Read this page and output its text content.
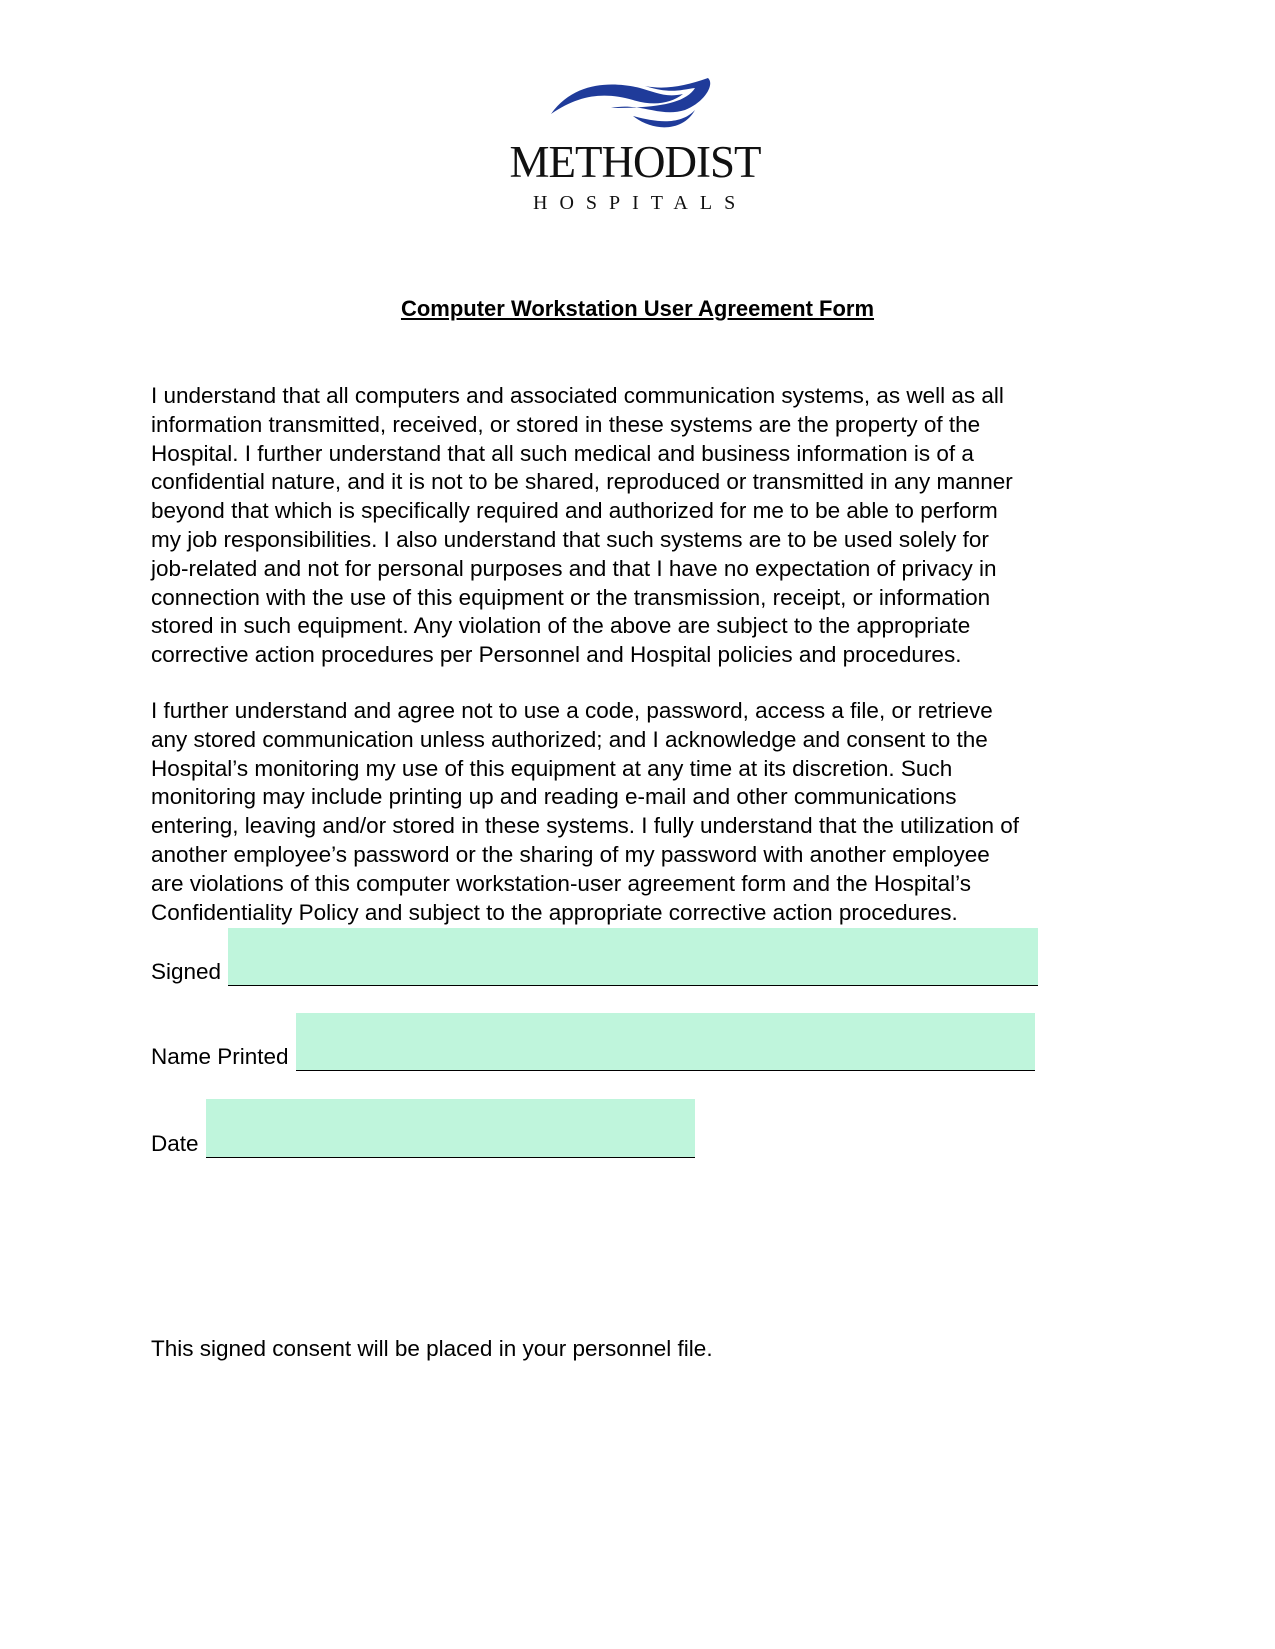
METHODIST
HOSPITALS
Computer Workstation User Agreement Form

I understand that all computers and associated communication systems, as well as all
information transmitted, received, or stored in these systems are the property of the
Hospital. I further understand that all such medical and business information is of a
confidential nature, and it is not to be shared, reproduced or transmitted in any manner
beyond that which is specifically required and authorized for me to be able to perform
my job responsibilities. I also understand that such systems are to be used solely for
job-related and not for personal purposes and that I have no expectation of privacy in
connection with the use of this equipment or the transmission, receipt, or information
stored in such equipment. Any violation of the above are subject to the appropriate
corrective action procedures per Personnel and Hospital policies and procedures.

I further understand and agree not to use a code, password, access a file, or retrieve
any stored communication unless authorized; and I acknowledge and consent to the
Hospital’s monitoring my use of this equipment at any time at its discretion. Such
monitoring may include printing up and reading e-mail and other communications
entering, leaving and/or stored in these systems. I fully understand that the utilization of
another employee’s password or the sharing of my password with another employee
are violations of this computer workstation-user agreement form and the Hospital’s
Confidentiality Policy and subject to the appropriate corrective action procedures.

Signed
Name Printed
Date
This signed consent will be placed in your personnel file.
